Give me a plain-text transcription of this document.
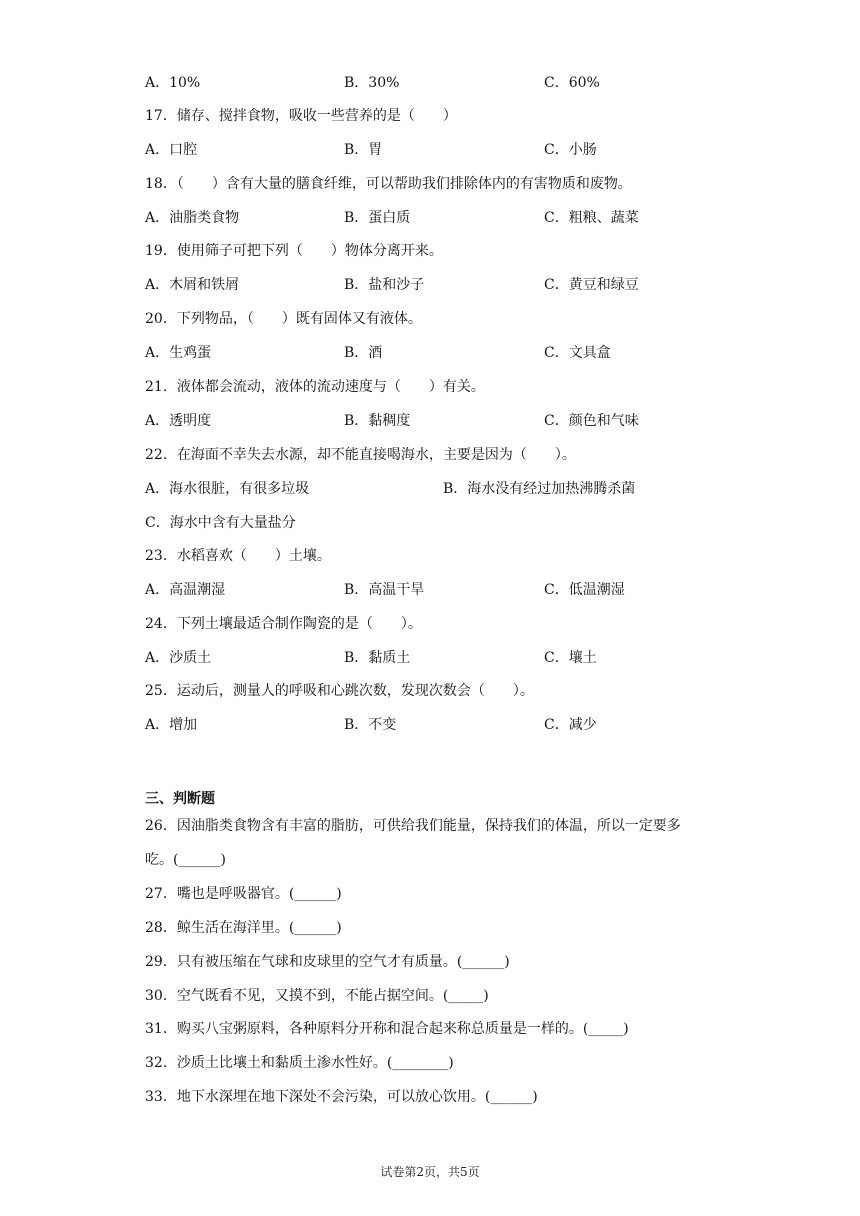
A．10%	B．30%	C．60%
17．储存、搅拌食物，吸收一些营养的是（　　）
A．口腔	B．胃	C．小肠
18．（　　）含有大量的膳食纤维，可以帮助我们排除体内的有害物质和废物。
A．油脂类食物	B．蛋白质	C．粗粮、蔬菜
19．使用筛子可把下列（　　）物体分离开来。
A．木屑和铁屑	B．盐和沙子	C．黄豆和绿豆
20．下列物品，（　　）既有固体又有液体。
A．生鸡蛋	B．酒	C．文具盒
21．液体都会流动，液体的流动速度与（　　）有关。
A．透明度	B．黏稠度	C．颜色和气味
22．在海面不幸失去水源，却不能直接喝海水，主要是因为（　　）。
A．海水很脏，有很多垃圾	B．海水没有经过加热沸腾杀菌
C．海水中含有大量盐分
23．水稻喜欢（　　）土壤。
A．高温潮湿	B．高温干旱	C．低温潮湿
24．下列土壤最适合制作陶瓷的是（　　）。
A．沙质土	B．黏质土	C．壤土
25．运动后，测量人的呼吸和心跳次数，发现次数会（　　）。
A．增加	B．不变	C．减少
三、判断题
26．因油脂类食物含有丰富的脂肪，可供给我们能量，保持我们的体温，所以一定要多
吃。(______)
27．嘴也是呼吸器官。(______)
28．鲸生活在海洋里。(______)
29．只有被压缩在气球和皮球里的空气才有质量。(______)
30．空气既看不见，又摸不到，不能占据空间。(_____)
31．购买八宝粥原料，各种原料分开称和混合起来称总质量是一样的。(_____)
32．沙质土比壤土和黏质土渗水性好。(________)
33．地下水深埋在地下深处不会污染，可以放心饮用。(______)
试卷第2页，共5页
